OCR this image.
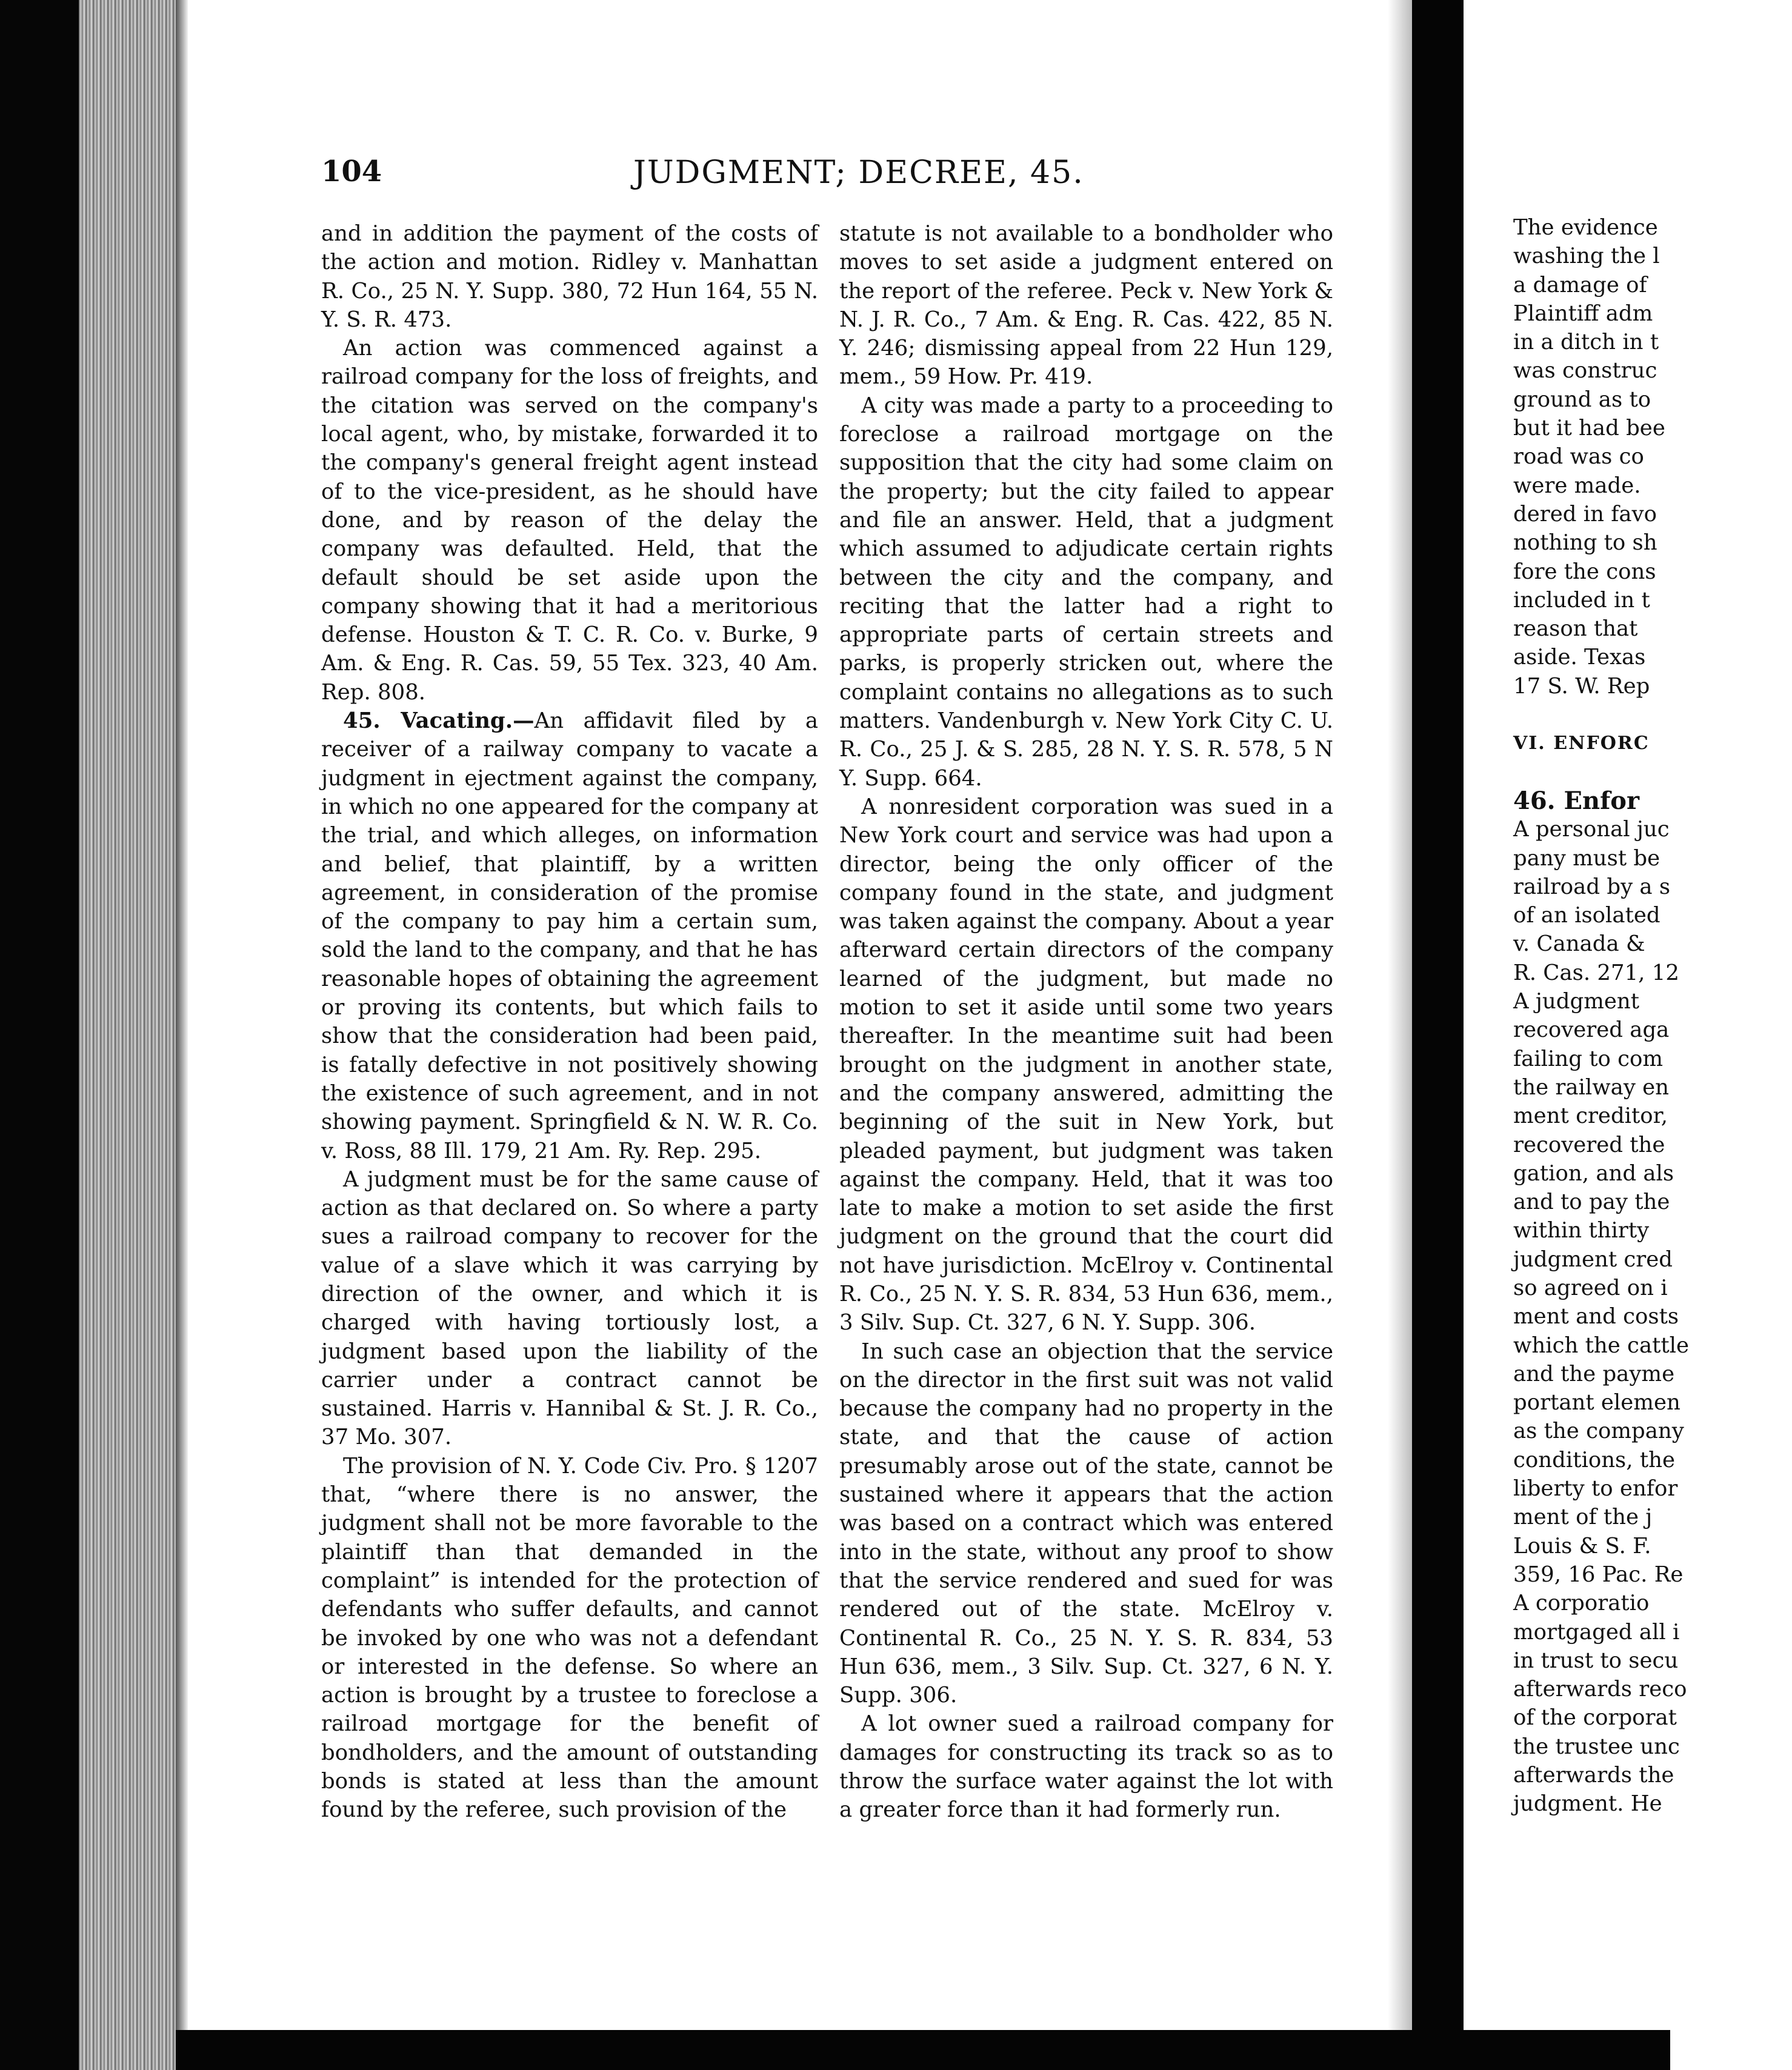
104	JUDGMENT; DECREE, 45.

and in addition the payment of the costs of the action and motion. Ridley v. Manhattan R. Co., 25 N. Y. Supp. 380, 72 Hun 164, 55 N. Y. S. R. 473.

An action was commenced against a railroad company for the loss of freights, and the citation was served on the company's local agent, who, by mistake, forwarded it to the company's general freight agent instead of to the vice-president, as he should have done, and by reason of the delay the company was defaulted. Held, that the default should be set aside upon the company showing that it had a meritorious defense. Houston & T. C. R. Co. v. Burke, 9 Am. & Eng. R. Cas. 59, 55 Tex. 323, 40 Am. Rep. 808.

45. Vacating.—An affidavit filed by a receiver of a railway company to vacate a judgment in ejectment against the company, in which no one appeared for the company at the trial, and which alleges, on information and belief, that plaintiff, by a written agreement, in consideration of the promise of the company to pay him a certain sum, sold the land to the company, and that he has reasonable hopes of obtaining the agreement or proving its contents, but which fails to show that the consideration had been paid, is fatally defective in not positively showing the existence of such agreement, and in not showing payment. Springfield & N. W. R. Co. v. Ross, 88 Ill. 179, 21 Am. Ry. Rep. 295.

A judgment must be for the same cause of action as that declared on. So where a party sues a railroad company to recover for the value of a slave which it was carrying by direction of the owner, and which it is charged with having tortiously lost, a judgment based upon the liability of the carrier under a contract cannot be sustained. Harris v. Hannibal & St. J. R. Co., 37 Mo. 307.

The provision of N. Y. Code Civ. Pro. § 1207 that, “where there is no answer, the judgment shall not be more favorable to the plaintiff than that demanded in the complaint” is intended for the protection of defendants who suffer defaults, and cannot be invoked by one who was not a defendant or interested in the defense. So where an action is brought by a trustee to foreclose a railroad mortgage for the benefit of bondholders, and the amount of outstanding bonds is stated at less than the amount found by the referee, such provision of the

statute is not available to a bondholder who moves to set aside a judgment entered on the report of the referee. Peck v. New York & N. J. R. Co., 7 Am. & Eng. R. Cas. 422, 85 N. Y. 246; dismissing appeal from 22 Hun 129, mem., 59 How. Pr. 419.

A city was made a party to a proceeding to foreclose a railroad mortgage on the supposition that the city had some claim on the property; but the city failed to appear and file an answer. Held, that a judgment which assumed to adjudicate certain rights between the city and the company, and reciting that the latter had a right to appropriate parts of certain streets and parks, is properly stricken out, where the complaint contains no allegations as to such matters. Vandenburgh v. New York City C. U. R. Co., 25 J. & S. 285, 28 N. Y. S. R. 578, 5 N Y. Supp. 664.

A nonresident corporation was sued in a New York court and service was had upon a director, being the only officer of the company found in the state, and judgment was taken against the company. About a year afterward certain directors of the company learned of the judgment, but made no motion to set it aside until some two years thereafter. In the meantime suit had been brought on the judgment in another state, and the company answered, admitting the beginning of the suit in New York, but pleaded payment, but judgment was taken against the company. Held, that it was too late to make a motion to set aside the first judgment on the ground that the court did not have jurisdiction. McElroy v. Continental R. Co., 25 N. Y. S. R. 834, 53 Hun 636, mem., 3 Silv. Sup. Ct. 327, 6 N. Y. Supp. 306.

In such case an objection that the service on the director in the first suit was not valid because the company had no property in the state, and that the cause of action presumably arose out of the state, cannot be sustained where it appears that the action was based on a contract which was entered into in the state, without any proof to show that the service rendered and sued for was rendered out of the state. McElroy v. Continental R. Co., 25 N. Y. S. R. 834, 53 Hun 636, mem., 3 Silv. Sup. Ct. 327, 6 N. Y. Supp. 306.

A lot owner sued a railroad company for damages for constructing its track so as to throw the surface water against the lot with a greater force than it had formerly run.

The evidence
washing the l
a damage of
Plaintiff adm
in a ditch in t
was construc
ground as to
but it had bee
road was co
were made.
dered in favo
nothing to sh
fore the cons
included in t
reason that
aside. Texas
17 S. W. Rep
VI. ENFORC
46. Enfor
A personal juc
pany must be
railroad by a s
of an isolated
v. Canada &
R. Cas. 271, 12
A judgment
recovered aga
failing to com
the railway en
ment creditor,
recovered the
gation, and als
and to pay the
within thirty
judgment cred
so agreed on i
ment and costs
which the cattle
and the payme
portant elemen
as the company
conditions, the
liberty to enfor
ment of the j
Louis & S. F.
359, 16 Pac. Re
A corporatio
mortgaged all i
in trust to secu
afterwards reco
of the corporat
the trustee unc
afterwards the
judgment. He
